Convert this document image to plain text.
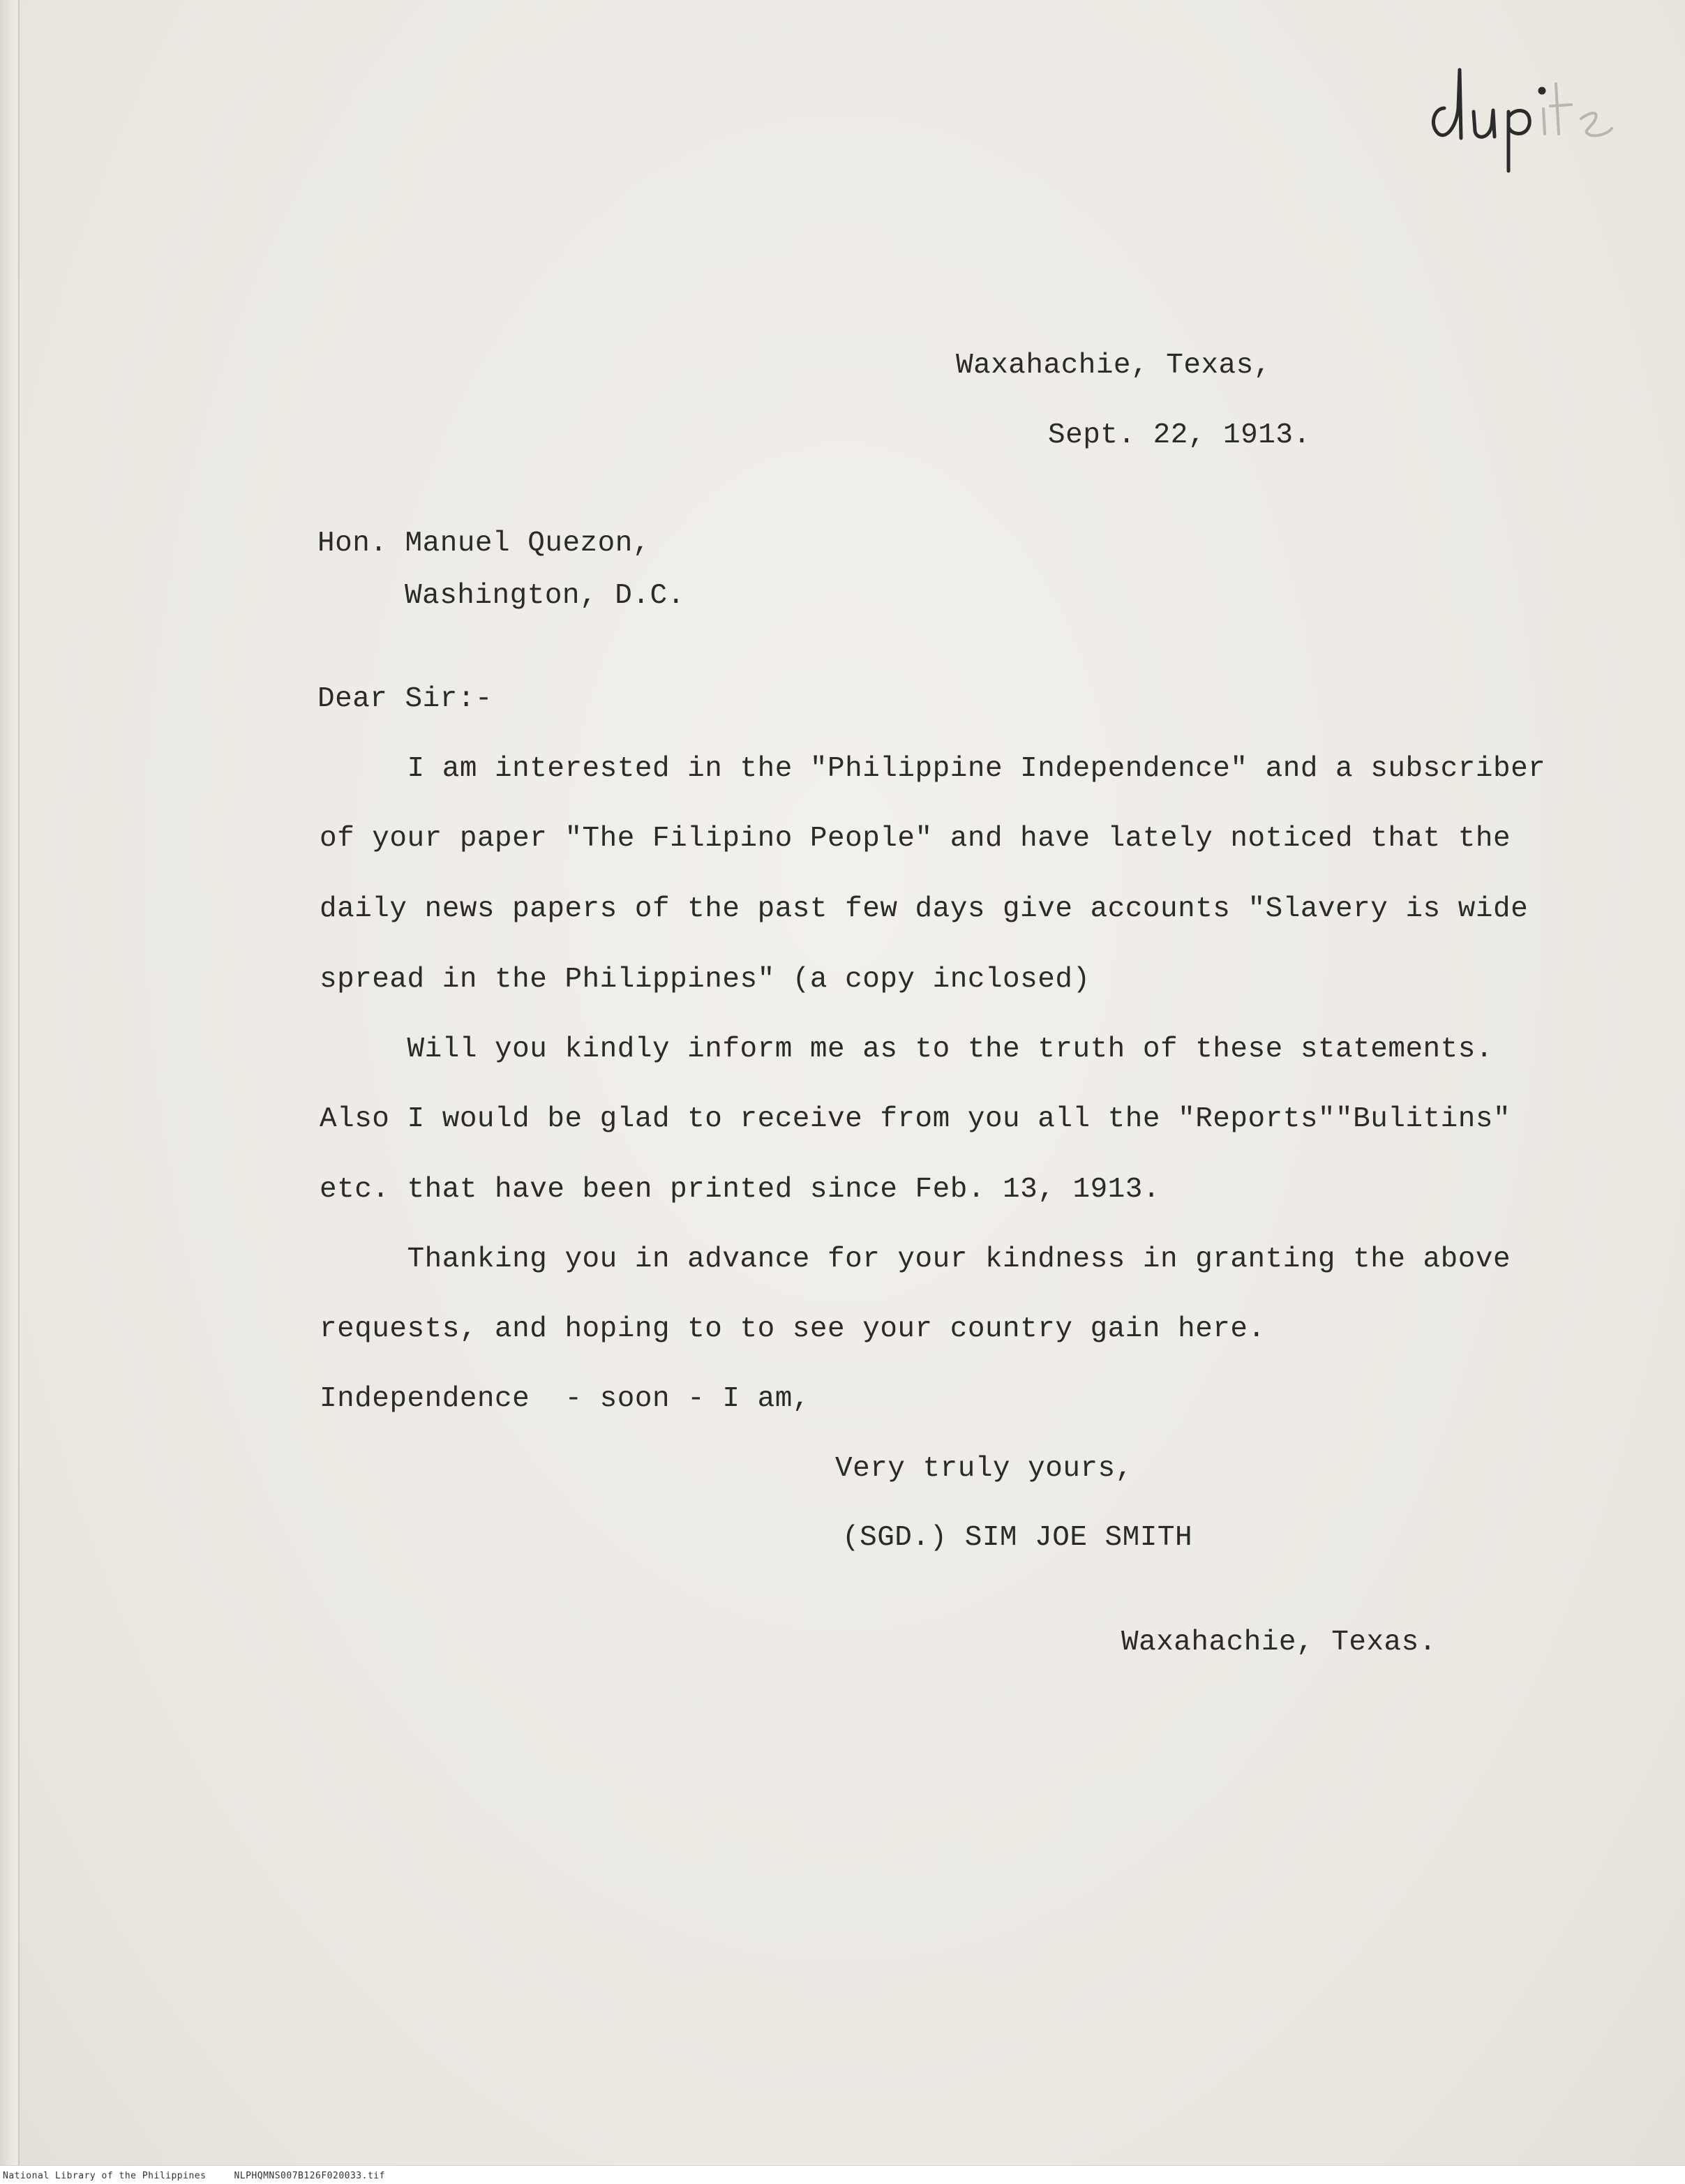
Waxahachie, Texas,
Sept. 22, 1913.
Hon. Manuel Quezon,
Washington, D.C.
Dear Sir:-
I am interested in the "Philippine Independence" and a subscriber
of your paper "The Filipino People" and have lately noticed that the
daily news papers of the past few days give accounts "Slavery is wide
spread in the Philippines" (a copy inclosed)
Will you kindly inform me as to the truth of these statements.
Also I would be glad to receive from you all the "Reports""Bulitins"
etc. that have been printed since Feb. 13, 1913.
Thanking you in advance for your kindness in granting the above
requests, and hoping to to see your country gain here.
Independence  - soon - I am,
Very truly yours,
(SGD.) SIM JOE SMITH
Waxahachie, Texas.
National Library of the Philippines	NLPHQMNS007B126F020033.tif
